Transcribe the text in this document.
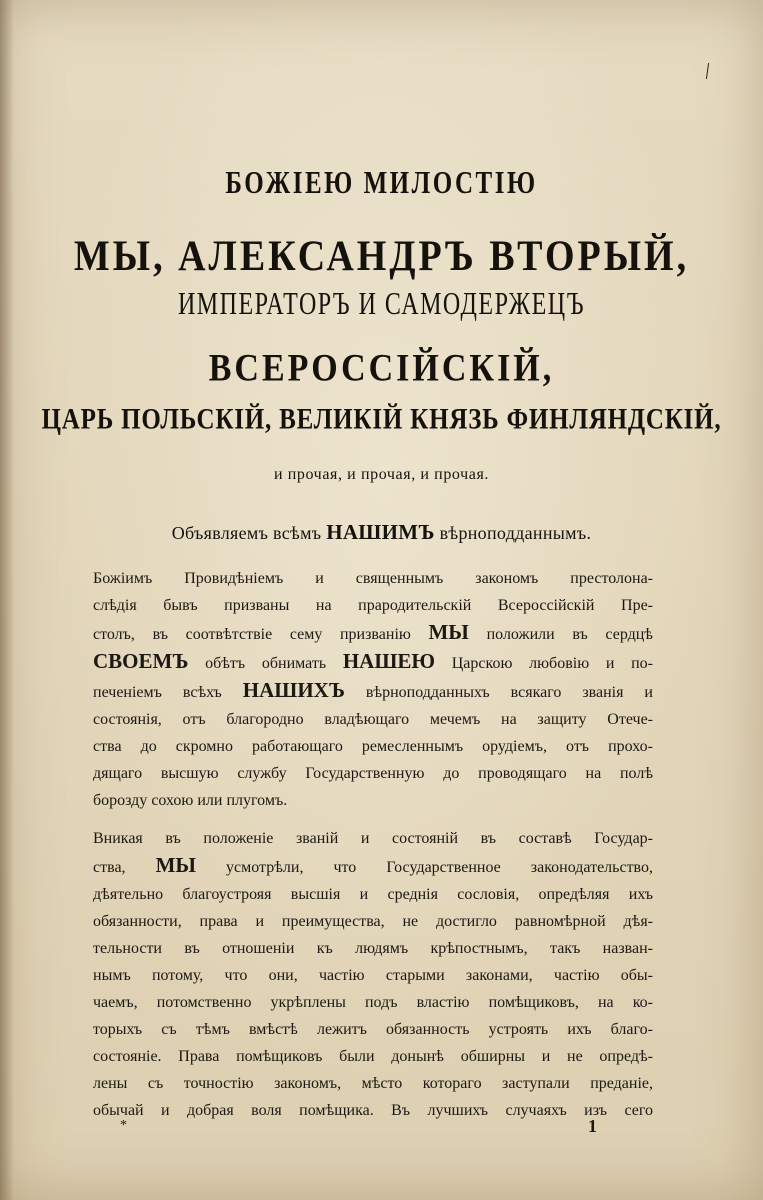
БОЖІЕЮ МИЛОСТІЮ
МЫ, АЛЕКСАНДРЪ ВТОРЫЙ,
ИМПЕРАТОРЪ И САМОДЕРЖЕЦЪ
ВСЕРОССІЙСКІЙ,
ЦАРЬ ПОЛЬСКІЙ, ВЕЛИКІЙ КНЯЗЬ ФИНЛЯНДСКІЙ,
и прочая, и прочая, и прочая.
Объявляемъ всѣмъ НАШИМЪ вѣрноподданнымъ.
Божіимъ Провидѣніемъ и священнымъ закономъ престолона-
слѣдія бывъ призваны на прародительскій Всероссійскій Пре-
столъ, въ соотвѣтствіе сему призванію МЫ положили въ сердцѣ
СВОЕМЪ обѣтъ обнимать НАШЕЮ Царскою любовію и по-
печеніемъ всѣхъ НАШИХЪ вѣрноподданныхъ всякаго званія и
состоянія, отъ благородно владѣющаго мечемъ на защиту Отече-
ства до скромно работающаго ремесленнымъ орудіемъ, отъ прохо-
дящаго высшую службу Государственную до проводящаго на полѣ
борозду сохою или плугомъ.
Вникая въ положеніе званій и состояній въ составѣ Государ-
ства, МЫ усмотрѣли, что Государственное законодательство,
дѣятельно благоустрояя высшія и среднія сословія, опредѣляя ихъ
обязанности, права и преимущества, не достигло равномѣрной дѣя-
тельности въ отношеніи къ людямъ крѣпостнымъ, такъ назван-
нымъ потому, что они, частію старыми законами, частію обы-
чаемъ, потомственно укрѣплены подъ властію помѣщиковъ, на ко-
торыхъ съ тѣмъ вмѣстѣ лежитъ обязанность устроять ихъ благо-
состояніе. Права помѣщиковъ были донынѣ обширны и не опредѣ-
лены съ точностію закономъ, мѣсто котораго заступали преданіе,
обычай и добрая воля помѣщика. Въ лучшихъ случаяхъ изъ сего
*	1
